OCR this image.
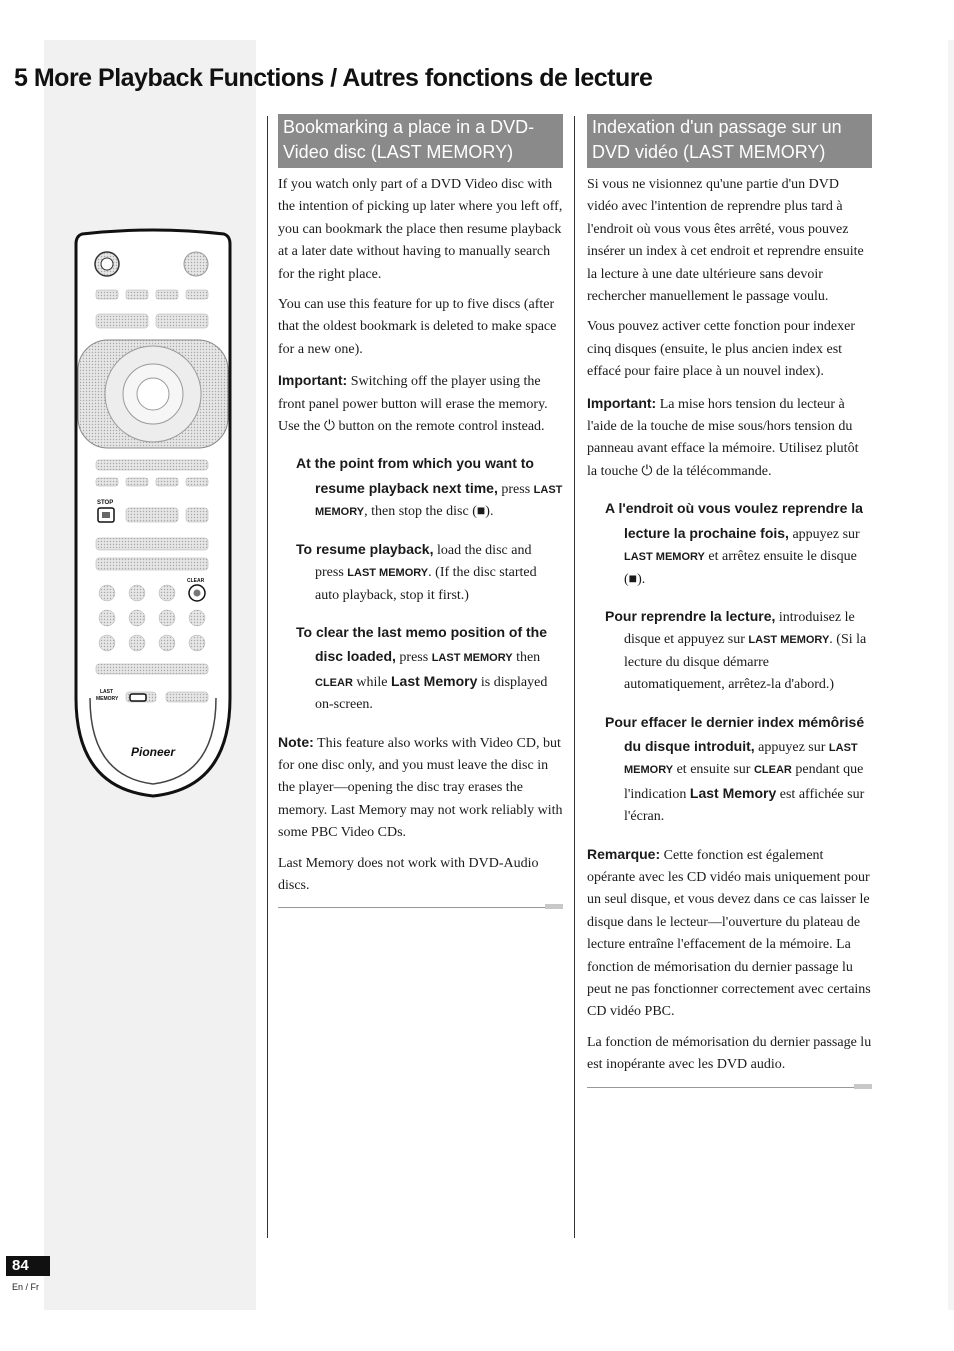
5 More Playback Functions / Autres fonctions de lecture
STOP
CLEAR
LAST
MEMORY
Pioneer
Bookmarking a place in a DVD-Video disc (LAST MEMORY)

If you watch only part of a DVD Video disc with the intention of picking up later where you left off, you can bookmark the place then resume playback at a later date without having to manually search for the right place.

You can use this feature for up to five discs (after that the oldest bookmark is deleted to make space for a new one).

Important: Switching off the player using the front panel power button will erase the memory. Use the ⏻ button on the remote control instead.

At the point from which you want to resume playback next time, press LAST MEMORY, then stop the disc (■).

To resume playback, load the disc and press LAST MEMORY. (If the disc started auto playback, stop it first.)

To clear the last memo position of the disc loaded, press LAST MEMORY then CLEAR while Last Memory is displayed on-screen.

Note: This feature also works with Video CD, but for one disc only, and you must leave the disc in the player—opening the disc tray erases the memory. Last Memory may not work reliably with some PBC Video CDs.

Last Memory does not work with DVD-Audio discs.

Indexation d'un passage sur un DVD vidéo (LAST MEMORY)

Si vous ne visionnez qu'une partie d'un DVD vidéo avec l'intention de reprendre plus tard à l'endroit où vous vous êtes arrêté, vous pouvez insérer un index à cet endroit et reprendre ensuite la lecture à une date ultérieure sans devoir rechercher manuellement le passage voulu.

Vous pouvez activer cette fonction pour indexer cinq disques (ensuite, le plus ancien index est effacé pour faire place à un nouvel index).

Important: La mise hors tension du lecteur à l'aide de la touche de mise sous/hors tension du panneau avant efface la mémoire. Utilisez plutôt la touche ⏻ de la télécommande.

A l'endroit où vous voulez reprendre la lecture la prochaine fois, appuyez sur LAST MEMORY et arrêtez ensuite le disque (■).

Pour reprendre la lecture, introduisez le disque et appuyez sur LAST MEMORY. (Si la lecture du disque démarre automatiquement, arrêtez-la d'abord.)

Pour effacer le dernier index mémôrisé du disque introduit, appuyez sur LAST MEMORY et ensuite sur CLEAR pendant que l'indication Last Memory est affichée sur l'écran.

Remarque: Cette fonction est également opérante avec les CD vidéo mais uniquement pour un seul disque, et vous devez dans ce cas laisser le disque dans le lecteur—l'ouverture du plateau de lecture entraîne l'effacement de la mémoire. La fonction de mémorisation du dernier passage lu peut ne pas fonctionner correctement avec certains CD vidéo PBC.

La fonction de mémorisation du dernier passage lu est inopérante avec les DVD audio.

84
En / Fr
